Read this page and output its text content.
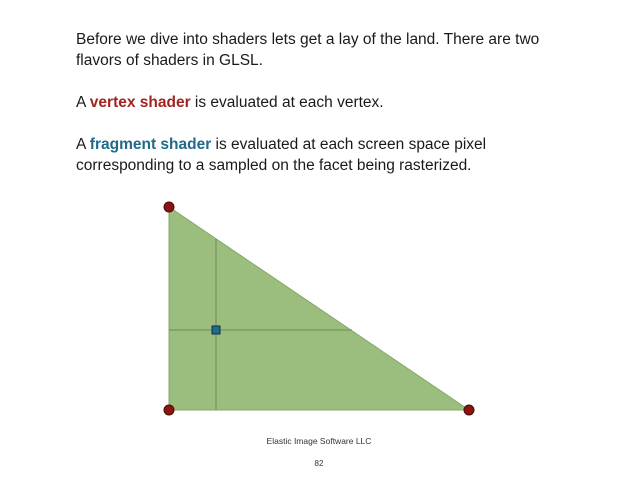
Before we dive into shaders lets get a lay of the land. There are two flavors of shaders in GLSL.

A vertex shader is evaluated at each vertex.

A fragment shader is evaluated at each screen space pixel corresponding to a sampled on the facet being rasterized.

Elastic Image Software LLC
82
